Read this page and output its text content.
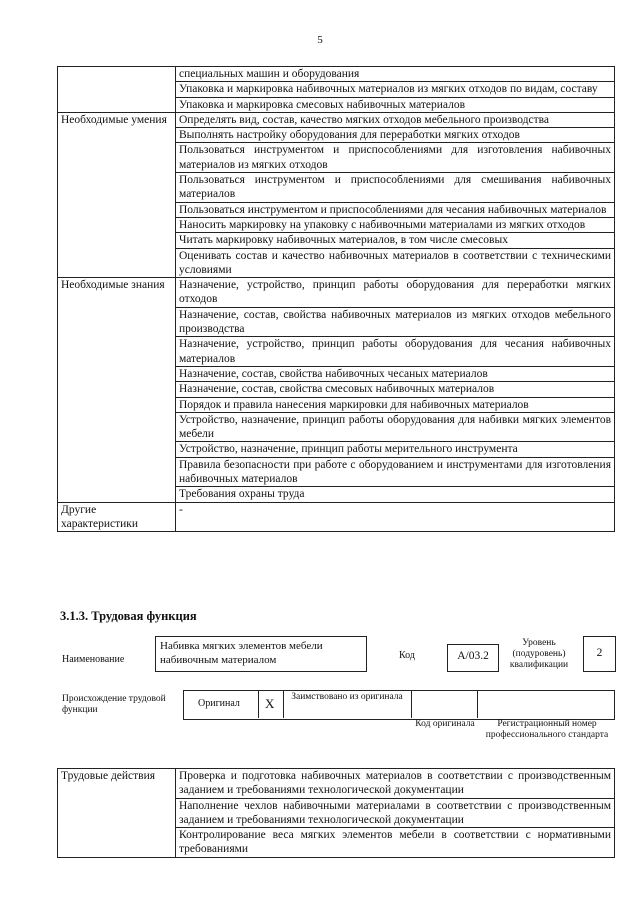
5
	специальных машин и оборудования
	Упаковка и маркировка набивочных материалов из мягких отходов по видам, составу
	Упаковка и маркировка смесовых набивочных материалов
Необходимые умения	Определять вид, состав, качество мягких отходов мебельного производства
	Выполнять настройку оборудования для переработки мягких отходов
	Пользоваться инструментом и приспособлениями для изготовления набивочных материалов из мягких отходов
	Пользоваться инструментом и приспособлениями для смешивания набивочных материалов
	Пользоваться инструментом и приспособлениями для чесания набивочных материалов
	Наносить маркировку на упаковку с набивочными материалами из мягких отходов
	Читать маркировку набивочных материалов, в том числе смесовых
	Оценивать состав и качество набивочных материалов в соответствии с техническими условиями
Необходимые знания	Назначение, устройство, принцип работы оборудования для переработки мягких отходов
	Назначение, состав, свойства набивочных материалов из мягких отходов мебельного производства
	Назначение, устройство, принцип работы оборудования для чесания набивочных материалов
	Назначение, состав, свойства набивочных чесаных материалов
	Назначение, состав, свойства смесовых набивочных материалов
	Порядок и правила нанесения маркировки для набивочных материалов
	Устройство, назначение, принцип работы оборудования для набивки мягких элементов мебели
	Устройство, назначение, принцип работы мерительного инструмента
	Правила безопасности при работе с оборудованием и инструментами для изготовления набивочных материалов
	Требования охраны труда
Другие характеристики	-
3.1.3. Трудовая функция
Наименование
Набивка мягких элементов мебели набивочным материалом	Код	A/03.2
Уровень (подуровень) квалификации
2
Происхождение трудовой функции
Оригинал X	Заимствовано из оригинала
Код оригинала	Регистрационный номер профессионального стандарта
Трудовые действия	Проверка и подготовка набивочных материалов в соответствии с производственным заданием и требованиями технологической документации
Наполнение чехлов набивочными материалами в соответствии с производственным заданием и требованиями технологической документации
Контролирование веса мягких элементов мебели в соответствии с нормативными требованиями
